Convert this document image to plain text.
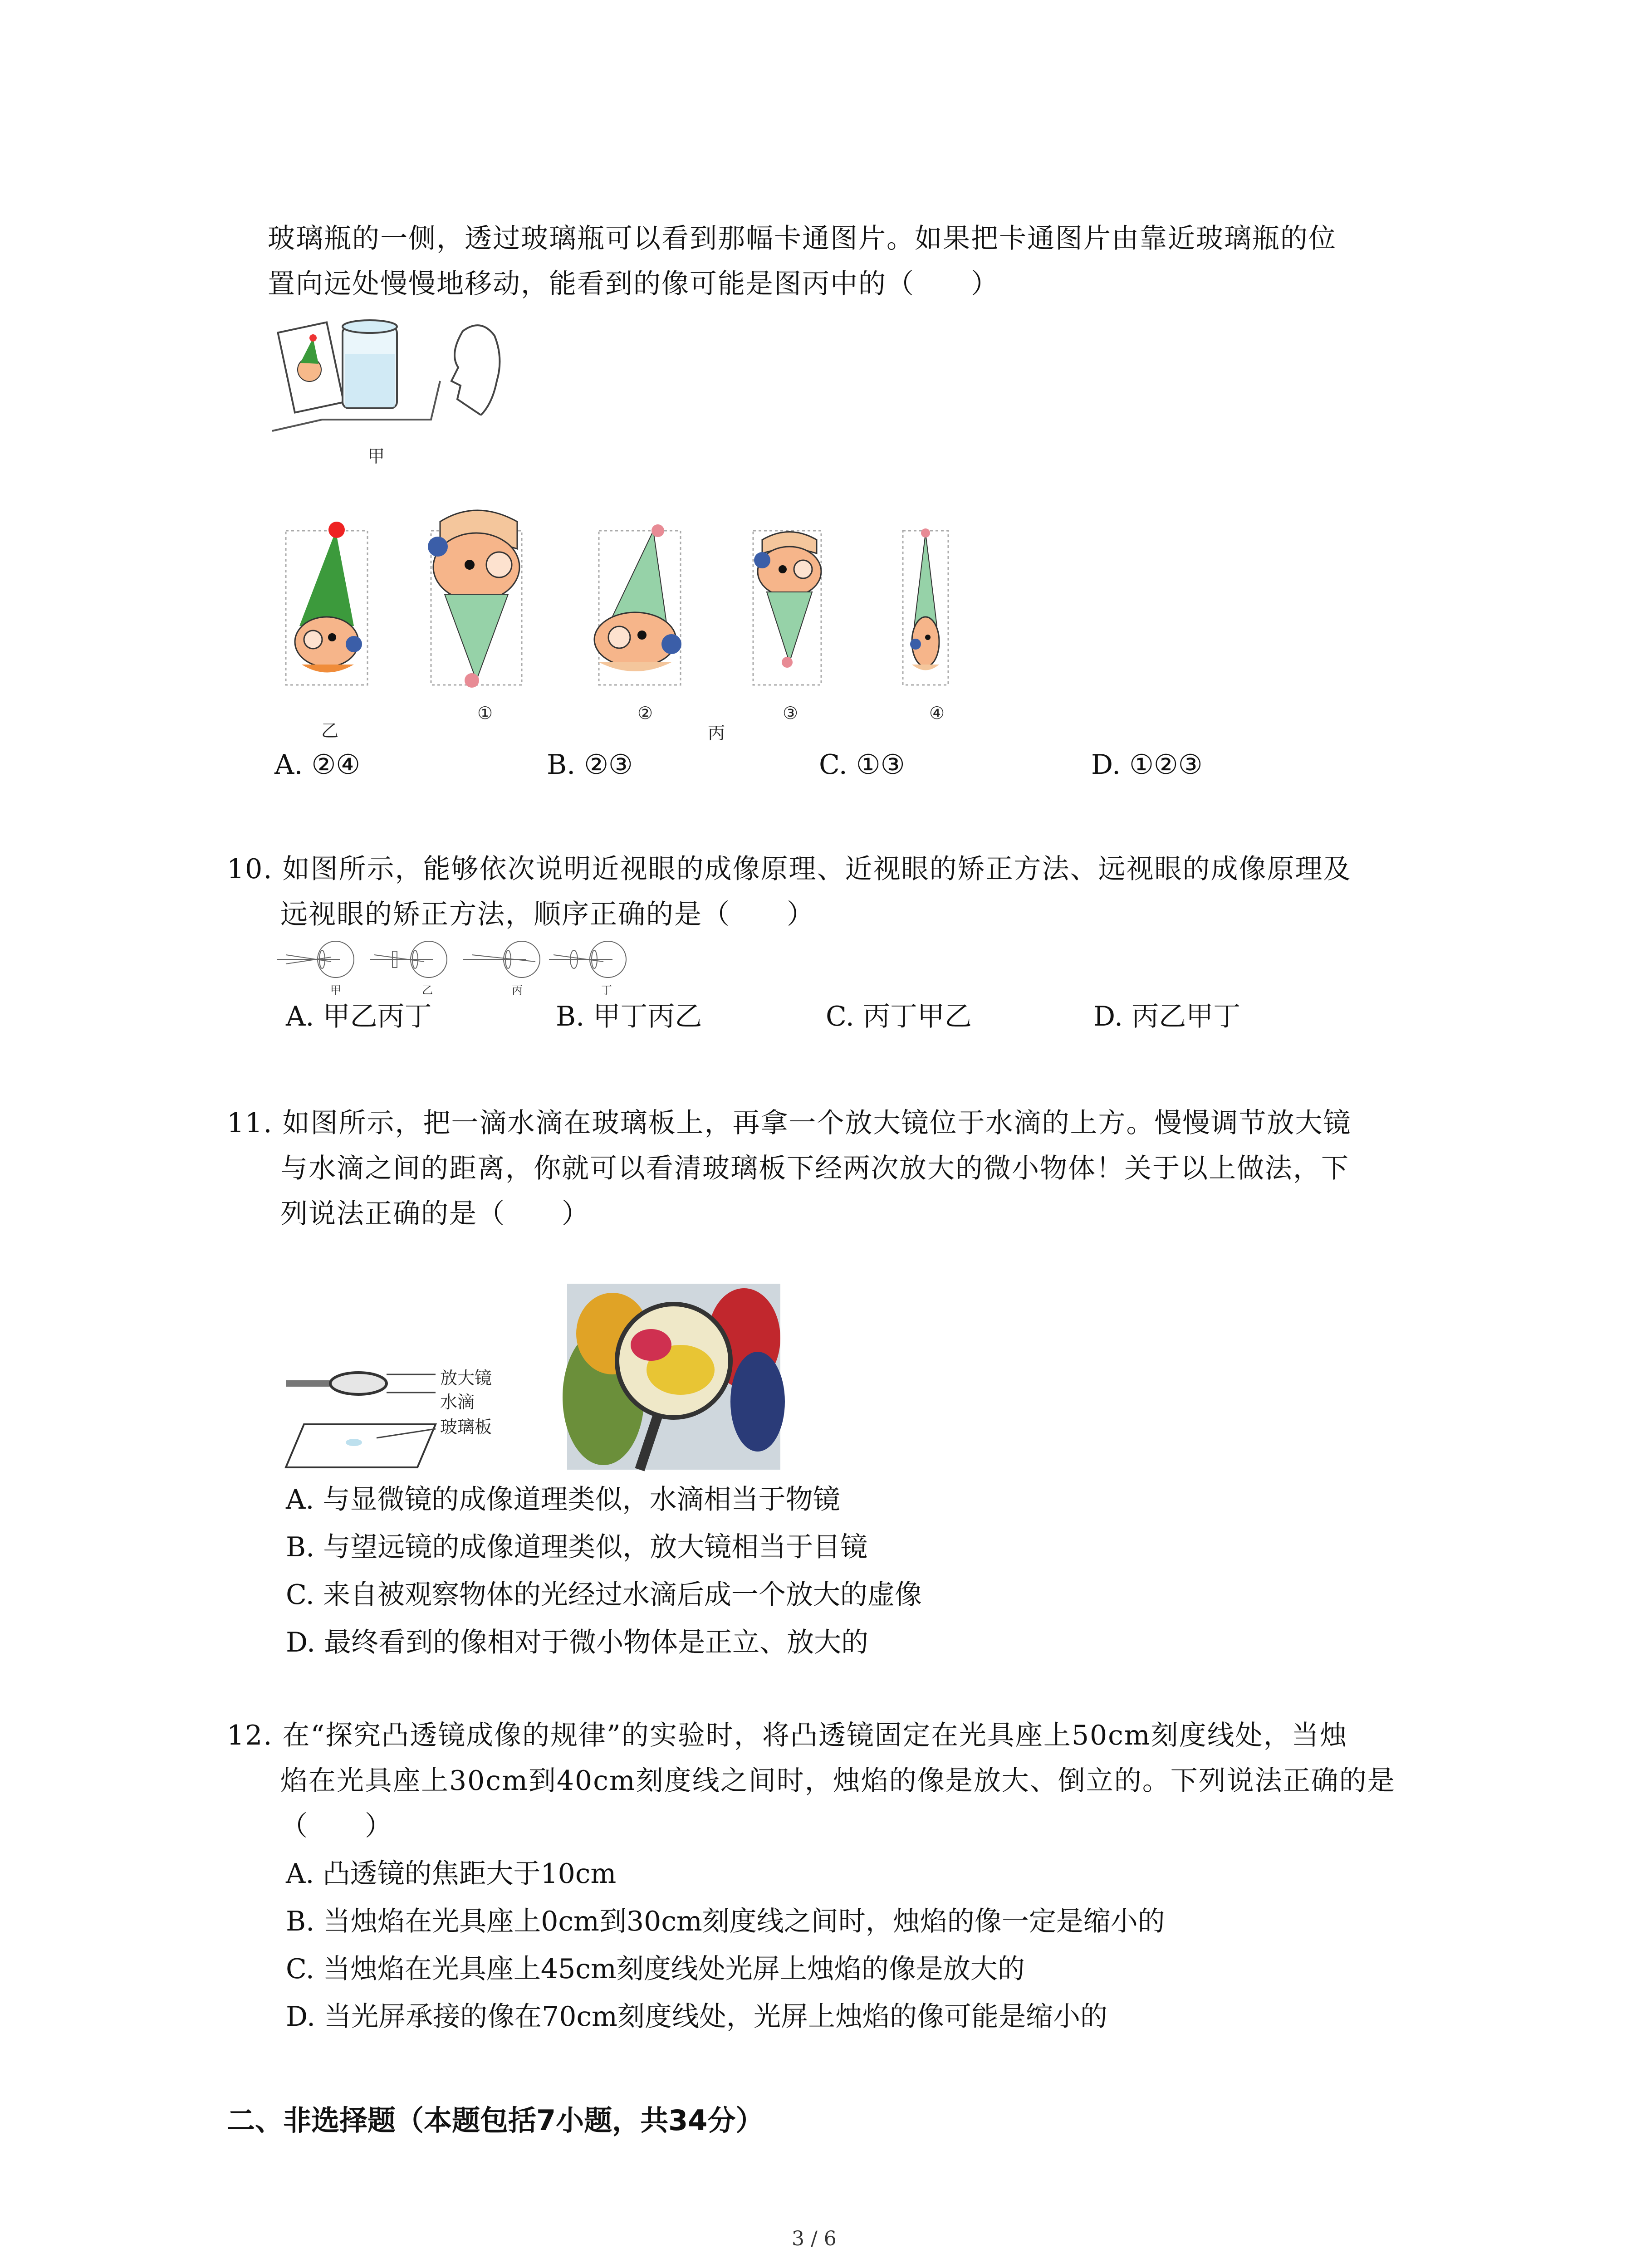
玻璃瓶的一侧，透过玻璃瓶可以看到那幅卡通图片。如果把卡通图片由靠近玻璃瓶的位
置向远处慢慢地移动，能看到的像可能是图丙中的（　　）
甲
乙
①	②
丙
③	④
A. ②④	B. ②③	C. ①③	D. ①②③
10. 如图所示，能够依次说明近视眼的成像原理、近视眼的矫正方法、远视眼的成像原理及
远视眼的矫正方法，顺序正确的是（　　）
甲	乙	丙	丁
A. 甲乙丙丁	B. 甲丁丙乙	C. 丙丁甲乙	D. 丙乙甲丁
11. 如图所示，把一滴水滴在玻璃板上，再拿一个放大镜位于水滴的上方。慢慢调节放大镜
与水滴之间的距离，你就可以看清玻璃板下经两次放大的微小物体！关于以上做法，下
列说法正确的是（　　）
放大镜
水滴
玻璃板
A. 与显微镜的成像道理类似，水滴相当于物镜
B. 与望远镜的成像道理类似，放大镜相当于目镜
C. 来自被观察物体的光经过水滴后成一个放大的虚像
D. 最终看到的像相对于微小物体是正立、放大的
12. 在“探究凸透镜成像的规律”的实验时，将凸透镜固定在光具座上50cm刻度线处，当烛
焰在光具座上30cm到40cm刻度线之间时，烛焰的像是放大、倒立的。下列说法正确的是
（　　）
A. 凸透镜的焦距大于10cm
B. 当烛焰在光具座上0cm到30cm刻度线之间时，烛焰的像一定是缩小的
C. 当烛焰在光具座上45cm刻度线处光屏上烛焰的像是放大的
D. 当光屏承接的像在70cm刻度线处，光屏上烛焰的像可能是缩小的
二、非选择题（本题包括7小题，共34分）
3 / 6
